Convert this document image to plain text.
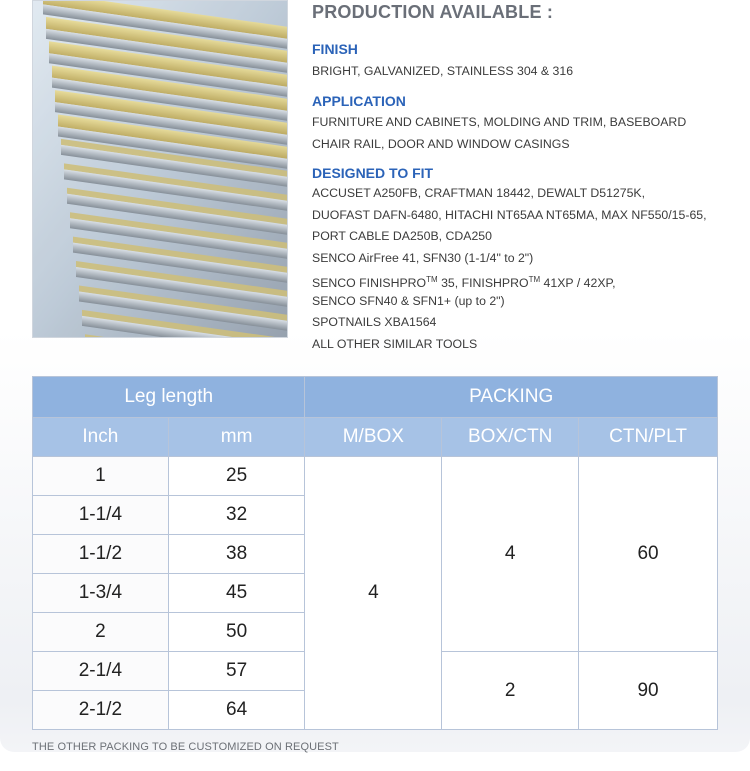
PRODUCTION AVAILABLE :
FINISH
BRIGHT, GALVANIZED, STAINLESS 304 & 316
APPLICATION
FURNITURE AND CABINETS, MOLDING AND TRIM, BASEBOARD
CHAIR RAIL, DOOR AND WINDOW CASINGS
DESIGNED TO FIT
ACCUSET A250FB, CRAFTMAN 18442, DEWALT D51275K,
DUOFAST DAFN-6480, HITACHI NT65AA NT65MA, MAX NF550/15-65,
PORT CABLE DA250B, CDA250
SENCO AirFree 41, SFN30 (1-1/4" to 2")
SENCO FINISHPRO™ 35, FINISHPRO™ 41XP / 42XP,
SENCO SFN40 & SFN1+ (up to 2")
SPOTNAILS XBA1564
ALL OTHER SIMILAR TOOLS
Leg length		PACKING		
Inch	mm	M/BOX	BOX/CTN	CTN/PLT
1	25	4	4	60
1-1/4	32			
1-1/2	38			
1-3/4	45			
2	50			
2-1/4	57		2	90
2-1/2	64			
THE OTHER PACKING TO BE CUSTOMIZED ON REQUEST
